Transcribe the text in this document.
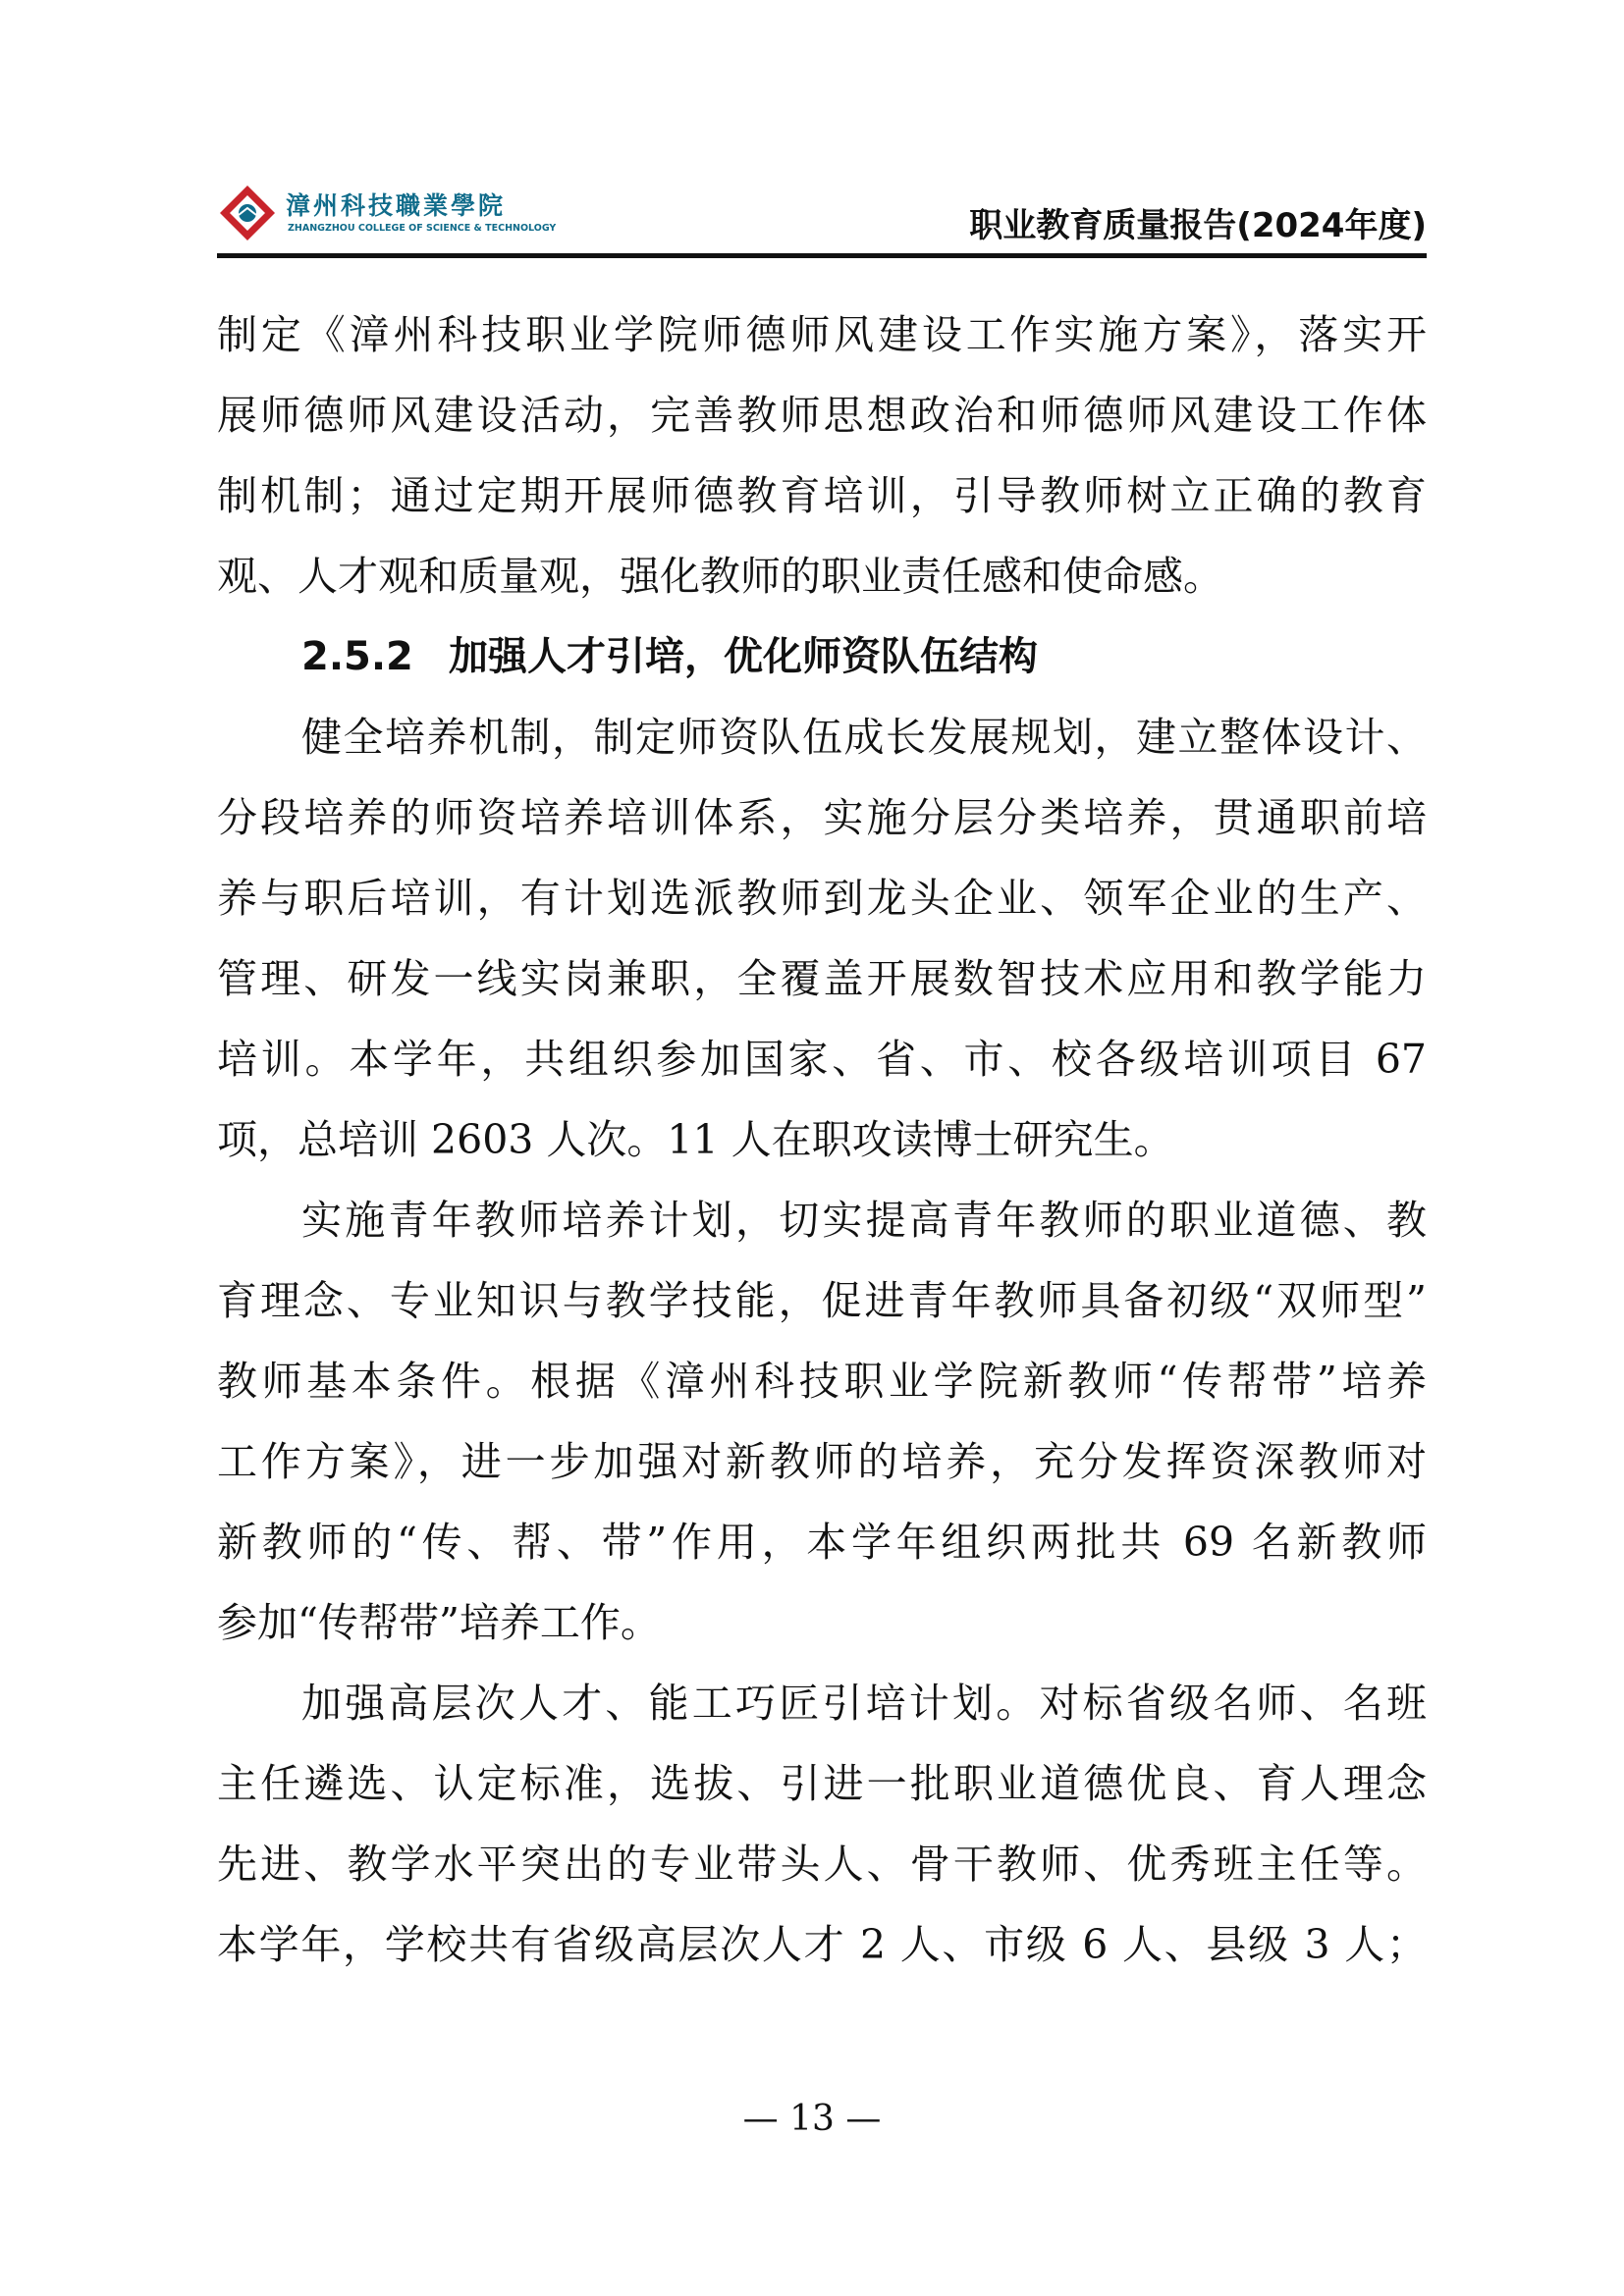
漳州科技職業學院
ZHANGZHOU COLLEGE OF SCIENCE & TECHNOLOGY	职业教育质量报告(2024年度)
制定《漳州科技职业学院师德师风建设工作实施方案》，落实开
展师德师风建设活动，完善教师思想政治和师德师风建设工作体
制机制；通过定期开展师德教育培训，引导教师树立正确的教育
观、人才观和质量观，强化教师的职业责任感和使命感。
2.5.2 加强人才引培，优化师资队伍结构
健全培养机制，制定师资队伍成长发展规划，建立整体设计、
分段培养的师资培养培训体系，实施分层分类培养，贯通职前培
养与职后培训，有计划选派教师到龙头企业、领军企业的生产、
管理、研发一线实岗兼职，全覆盖开展数智技术应用和教学能力
培训。本学年，共组织参加国家、省、市、校各级培训项目 67
项，总培训 2603 人次。11 人在职攻读博士研究生。
实施青年教师培养计划，切实提高青年教师的职业道德、教
育理念、专业知识与教学技能，促进青年教师具备初级“双师型”
教师基本条件。根据《漳州科技职业学院新教师“传帮带”培养
工作方案》，进一步加强对新教师的培养，充分发挥资深教师对
新教师的“传、帮、带”作用，本学年组织两批共 69 名新教师
参加“传帮带”培养工作。
加强高层次人才、能工巧匠引培计划。对标省级名师、名班
主任遴选、认定标准，选拔、引进一批职业道德优良、育人理念
先进、教学水平突出的专业带头人、骨干教师、优秀班主任等。
本学年，学校共有省级高层次人才 2 人、市级 6 人、县级 3 人；
— 13 —
